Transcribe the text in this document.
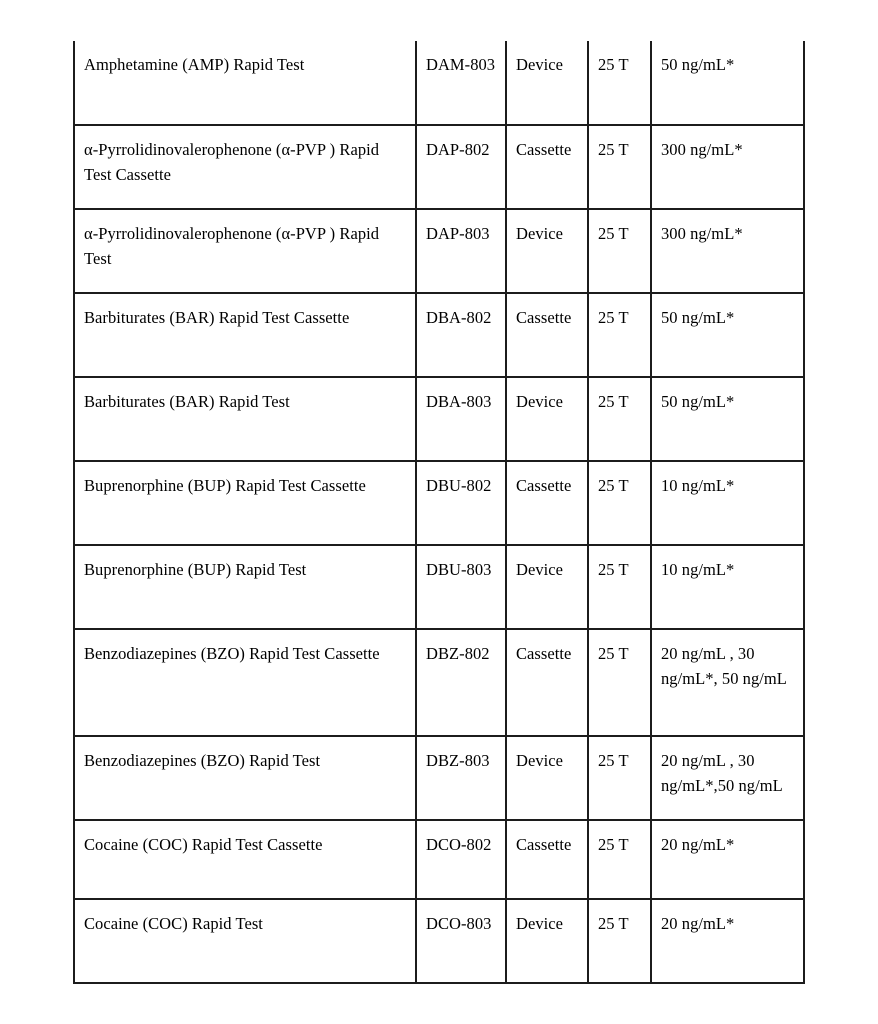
Amphetamine (AMP) Rapid Test	DAM-803	Device	25 T	50 ng/mL*
α-Pyrrolidinovalerophenone (α-PVP ) Rapid Test Cassette	DAP-802	Cassette	25 T	300 ng/mL*
α-Pyrrolidinovalerophenone (α-PVP ) Rapid Test	DAP-803	Device	25 T	300 ng/mL*
Barbiturates (BAR) Rapid Test Cassette	DBA-802	Cassette	25 T	50 ng/mL*
Barbiturates (BAR) Rapid Test	DBA-803	Device	25 T	50 ng/mL*
Buprenorphine (BUP) Rapid Test Cassette	DBU-802	Cassette	25 T	10 ng/mL*
Buprenorphine (BUP) Rapid Test	DBU-803	Device	25 T	10 ng/mL*
Benzodiazepines (BZO) Rapid Test Cassette	DBZ-802	Cassette	25 T	20 ng/mL , 30 ng/mL*, 50 ng/mL
Benzodiazepines (BZO) Rapid Test	DBZ-803	Device	25 T	20 ng/mL , 30 ng/mL*,50 ng/mL
Cocaine (COC) Rapid Test Cassette	DCO-802	Cassette	25 T	20 ng/mL*
Cocaine (COC) Rapid Test	DCO-803	Device	25 T	20 ng/mL*
